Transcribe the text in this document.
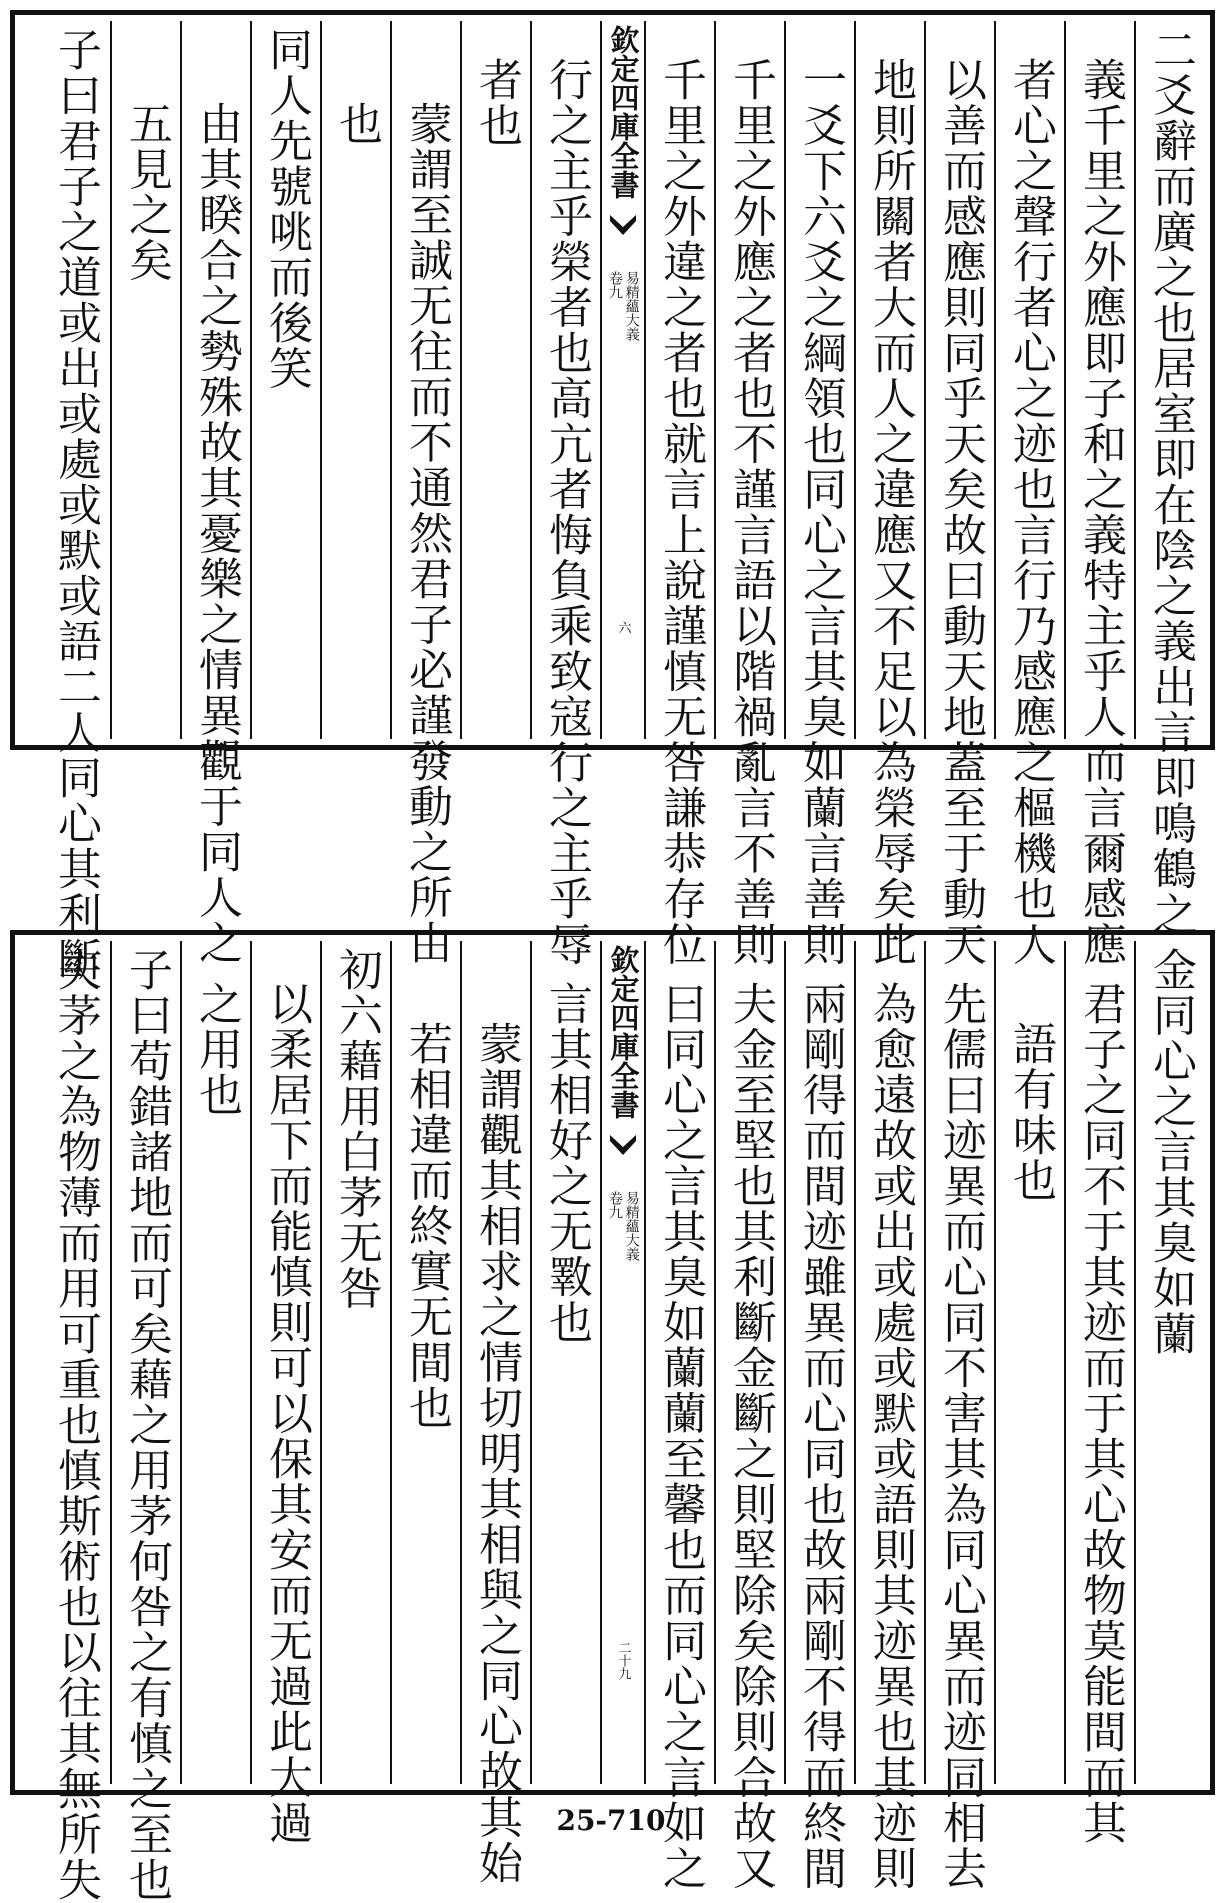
二爻辭而廣之也居室即在陰之義出言即鳴鶴之
義千里之外應即子和之義特主乎人而言爾感應
者心之聲行者心之迹也言行乃感應之樞機也人
以善而感應則同乎天矣故曰動天地蓋至于動天
地則所關者大而人之違應又不足以為榮辱矣此
一爻下六爻之綱領也同心之言其臭如蘭言善則
千里之外應之者也不謹言語以階禍亂言不善則
千里之外違之者也就言上說謹慎无咎謙恭存位
欽定四庫全書
易精蘊大義
卷九
六
行之主乎榮者也高亢者悔負乘致寇行之主乎辱
者也
蒙謂至誠无往而不通然君子必謹發動之所由
也
同人先號咷而後笑
由其睽合之勢殊故其憂樂之情異觀于同人之
五見之矣
子曰君子之道或出或處或默或語二人同心其利斷
金同心之言其臭如蘭
君子之同不于其迹而于其心故物莫能間而其
語有味也
先儒曰迹異而心同不害其為同心異而迹同相去
為愈遠故或出或處或默或語則其迹異也其迹則
兩剛得而間迹雖異而心同也故兩剛不得而終間
夫金至堅也其利斷金斷之則堅除矣除則合故又
曰同心之言其臭如蘭蘭至馨也而同心之言如之
欽定四庫全書
易精蘊大義
卷九
二十九
言其相好之无斁也
蒙謂觀其相求之情切明其相與之同心故其始
若相違而終實无間也
初六藉用白茅无咎
以柔居下而能慎則可以保其安而无過此大過
之用也
子曰苟錯諸地而可矣藉之用茅何咎之有慎之至也
夫茅之為物薄而用可重也慎斯術也以往其無所失	25-710
